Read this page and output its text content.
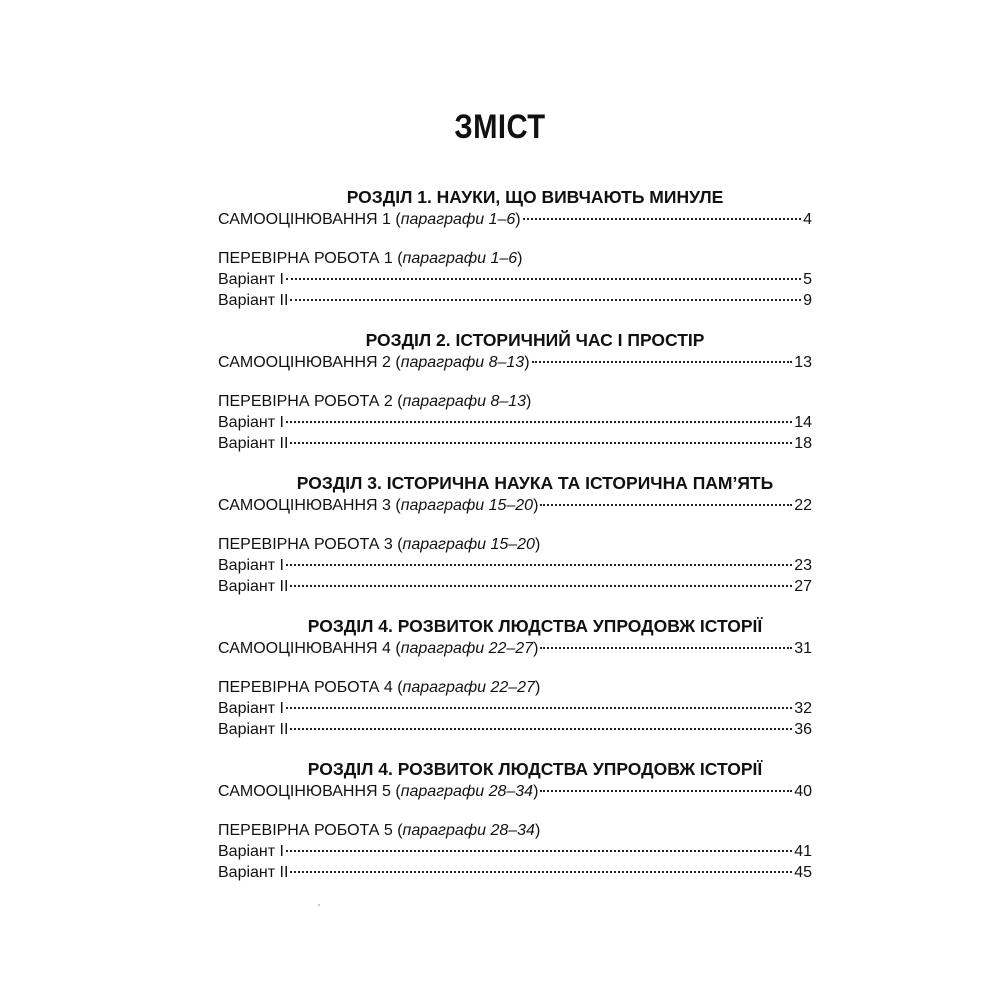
ЗМІСТ
РОЗДІЛ 1. НАУКИ, ЩО ВИВЧАЮТЬ МИНУЛЕ
САМООЦІНЮВАННЯ 1 (параграфи 1–6)	4
ПЕРЕВІРНА РОБОТА 1 (параграфи 1–6)
Варіант І	5
Варіант ІІ	9
РОЗДІЛ 2. ІСТОРИЧНИЙ ЧАС І ПРОСТІР
САМООЦІНЮВАННЯ 2 (параграфи 8–13)	13
ПЕРЕВІРНА РОБОТА 2 (параграфи 8–13)
Варіант І	14
Варіант ІІ	18
РОЗДІЛ 3. ІСТОРИЧНА НАУКА ТА ІСТОРИЧНА ПАМ’ЯТЬ
САМООЦІНЮВАННЯ 3 (параграфи 15–20)	22
ПЕРЕВІРНА РОБОТА 3 (параграфи 15–20)
Варіант І	23
Варіант ІІ	27
РОЗДІЛ 4. РОЗВИТОК ЛЮДСТВА УПРОДОВЖ ІСТОРІЇ
САМООЦІНЮВАННЯ 4 (параграфи 22–27)	31
ПЕРЕВІРНА РОБОТА 4 (параграфи 22–27)
Варіант І	32
Варіант ІІ	36
РОЗДІЛ 4. РОЗВИТОК ЛЮДСТВА УПРОДОВЖ ІСТОРІЇ
САМООЦІНЮВАННЯ 5 (параграфи 28–34)	40
ПЕРЕВІРНА РОБОТА 5 (параграфи 28–34)
Варіант І	41
Варіант ІІ	45
